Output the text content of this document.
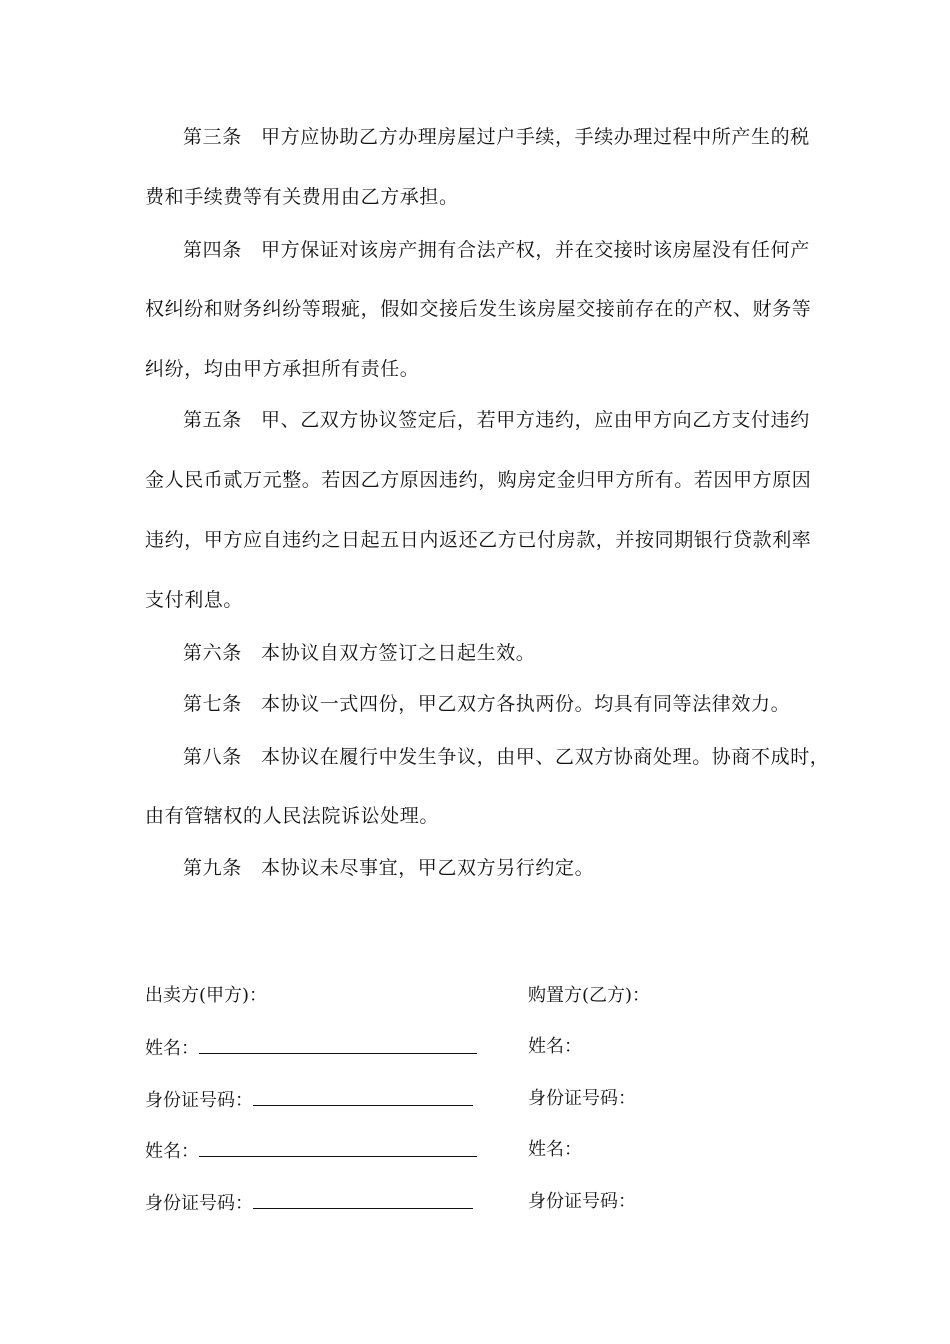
第三条 甲方应协助乙方办理房屋过户手续，手续办理过程中所产生的税
费和手续费等有关费用由乙方承担。
第四条 甲方保证对该房产拥有合法产权，并在交接时该房屋没有任何产
权纠纷和财务纠纷等瑕疵，假如交接后发生该房屋交接前存在的产权、财务等
纠纷，均由甲方承担所有责任。
第五条 甲、乙双方协议签定后，若甲方违约，应由甲方向乙方支付违约
金人民币贰万元整。若因乙方原因违约，购房定金归甲方所有。若因甲方原因
违约，甲方应自违约之日起五日内返还乙方已付房款，并按同期银行贷款利率
支付利息。
第六条 本协议自双方签订之日起生效。
第七条 本协议一式四份，甲乙双方各执两份。均具有同等法律效力。
第八条 本协议在履行中发生争议，由甲、乙双方协商处理。协商不成时，
由有管辖权的人民法院诉讼处理。
第九条 本协议未尽事宜，甲乙双方另行约定。
出卖方(甲方)：
姓名：
身份证号码：
姓名：
身份证号码：
购置方(乙方)：
姓名：
身份证号码：
姓名：
身份证号码：
